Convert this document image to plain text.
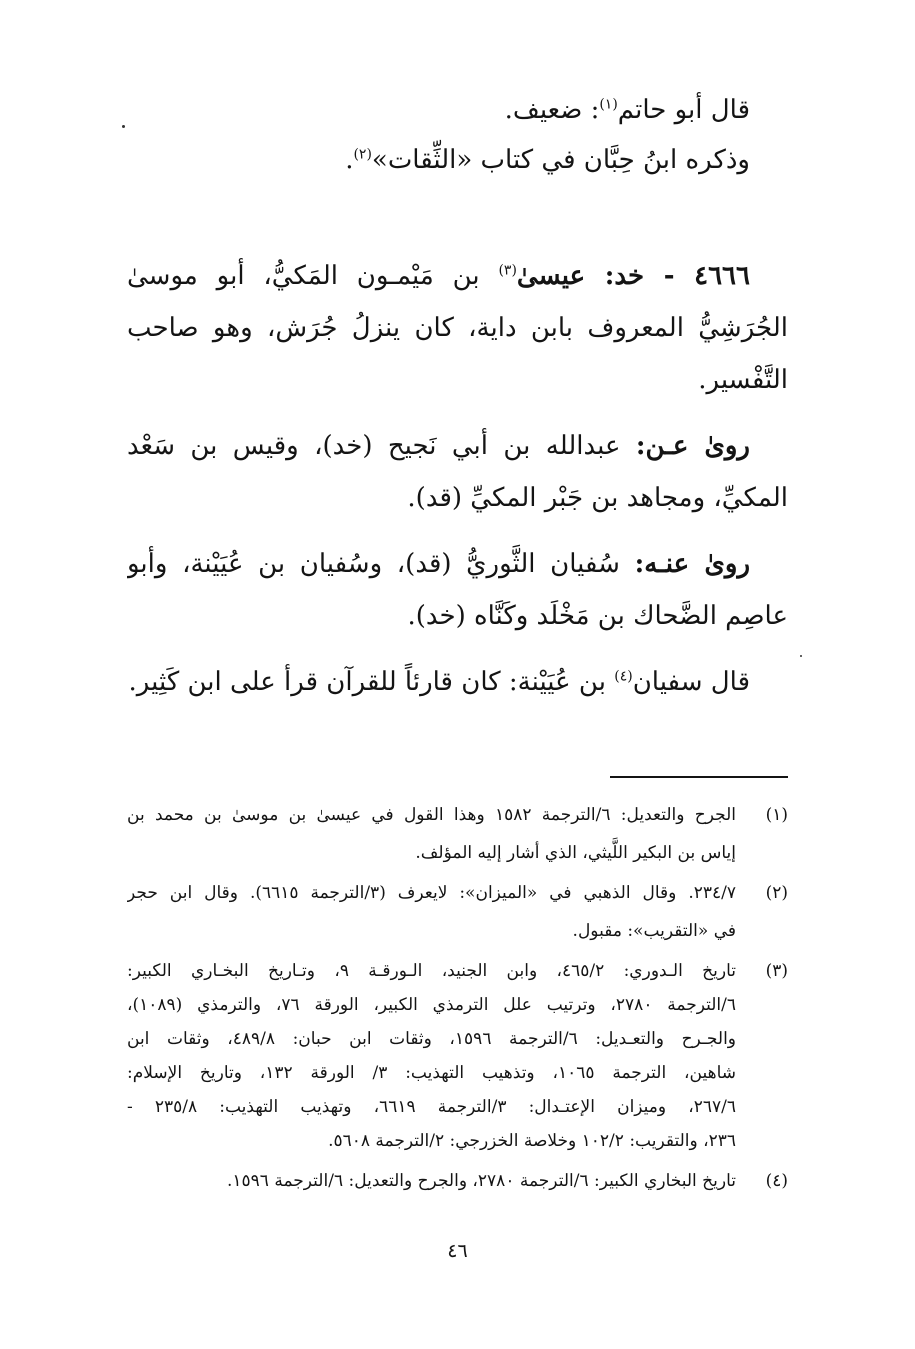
قال أبو حاتم$^{(١)}$: ضعيف.
وذكره ابنُ حِبَّان في كتاب «الثِّقات»$^{(٢)}$.
٤٦٦٦ - خد: عيسىٰ$^{(٣)}$ بن مَيْمـون المَكيُّ، أبو موسىٰ
الجُرَشِيُّ المعروف بابن داية، كان ينزلُ جُرَش، وهو صاحب
التَّفْسير.
روىٰ عـن: عبدالله بن أبي نَجيح (خد)، وقيس بن سَعْد
المكيِّ، ومجاهد بن جَبْر المكيِّ (قد).
روىٰ عنـه: سُفيان الثَّوريُّ (قد)، وسُفيان بن عُيَيْنة، وأبو
عاصِم الضَّحاك بن مَخْلَد وكَنَّاه (خد).
قال سفيان$^{(٤)}$ بن عُيَيْنة: كان قارئاً للقرآن قرأ على ابن كَثِير.
(١)
الجرح والتعديل: ٦/الترجمة ١٥٨٢ وهذا القول في عيسىٰ بن موسىٰ بن محمد بن
إياس بن البكير اللَّيثي، الذي أشار إليه المؤلف.
(٢)
٢٣٤/٧. وقال الذهبي في «الميزان»: لايعرف (٣/الترجمة ٦٦١٥). وقال ابن حجر
في «التقريب»: مقبول.
(٣)
تاريخ الـدوري: ٤٦٥/٢، وابن الجنيد، الـورقـة ٩، وتـاريخ البخـاري الكبير:
٦/الترجمة ٢٧٨٠، وترتيب علل الترمذي الكبير، الورقة ٧٦، والترمذي (١٠٨٩)،
والجـرح والتعـديل: ٦/الترجمة ١٥٩٦، وثقات ابن حبان: ٤٨٩/٨، وثقات ابن
شاهين، الترجمة ١٠٦٥، وتذهيب التهذيب: ٣/ الورقة ١٣٢، وتاريخ الإسلام:
٢٦٧/٦، وميزان الإعتـدال: ٣/الترجمة ٦٦١٩، وتهذيب التهذيب: ٢٣٥/٨ -
٢٣٦، والتقريب: ١٠٢/٢ وخلاصة الخزرجي: ٢/الترجمة ٥٦٠٨.
(٤)
تاريخ البخاري الكبير: ٦/الترجمة ٢٧٨٠، والجرح والتعديل: ٦/الترجمة ١٥٩٦.
٤٦
